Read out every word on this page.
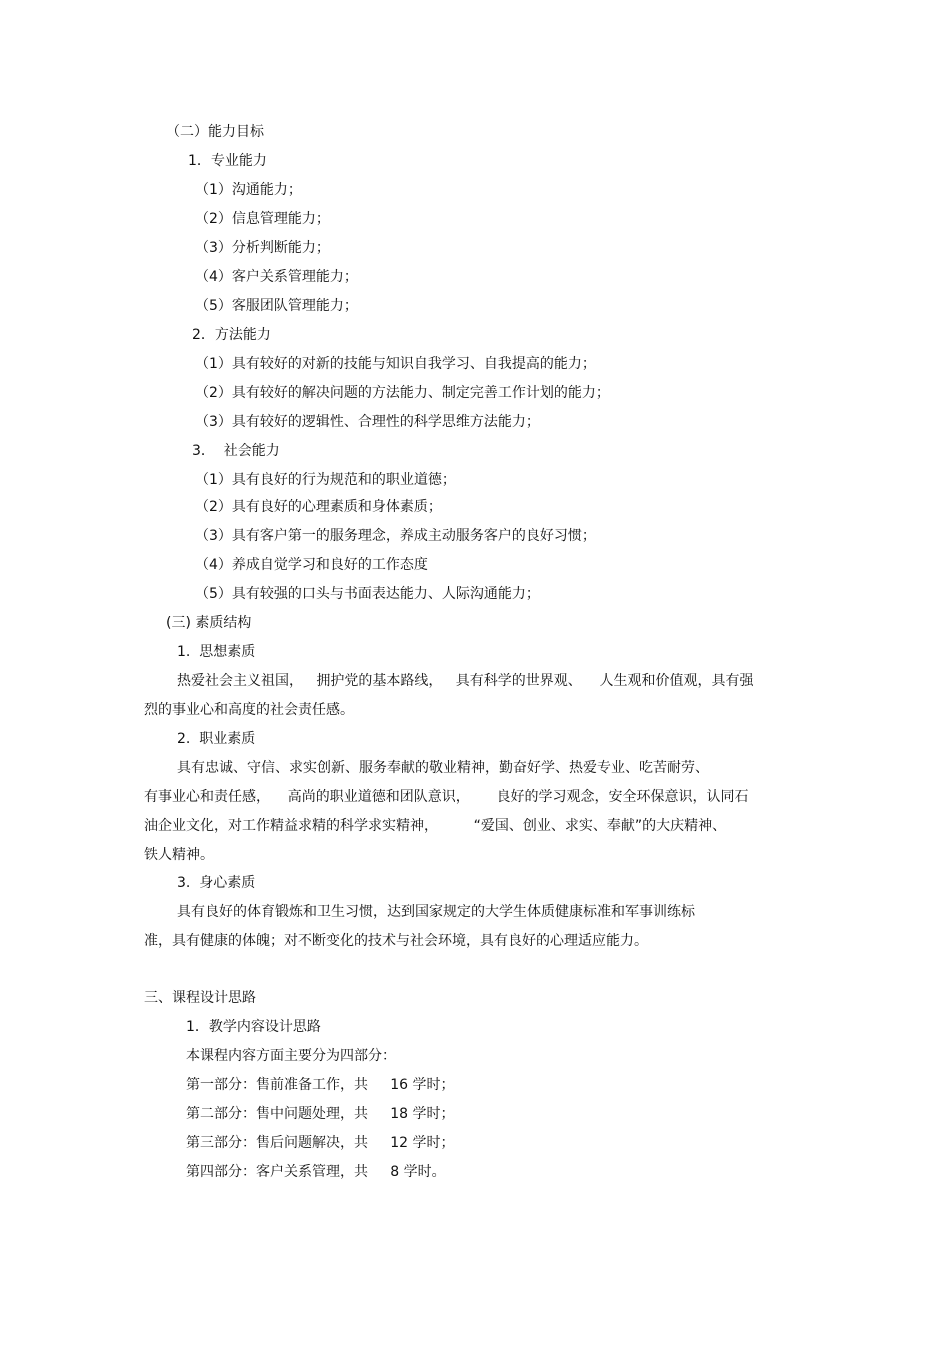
（二）能力目标
1．专业能力
（1）沟通能力；
（2）信息管理能力；
（3）分析判断能力；
（4）客户关系管理能力；
（5）客服团队管理能力；
2．方法能力
（1）具有较好的对新的技能与知识自我学习、自我提高的能力；
（2）具有较好的解决问题的方法能力、制定完善工作计划的能力；
（3）具有较好的逻辑性、合理性的科学思维方法能力；
3．  社会能力
（1）具有良好的行为规范和的职业道德；
（2）具有良好的心理素质和身体素质；
（3）具有客户第一的服务理念，养成主动服务客户的良好习惯；
（4）养成自觉学习和良好的工作态度
（5）具有较强的口头与书面表达能力、人际沟通能力；
(三) 素质结构
1.  思想素质
热爱社会主义祖国，   拥护党的基本路线，   具有科学的世界观、    人生观和价值观，具有强
烈的事业心和高度的社会责任感。
2.  职业素质
具有忠诚、守信、求实创新、服务奉献的敬业精神，勤奋好学、热爱专业、吃苦耐劳、
有事业心和责任感，    高尚的职业道德和团队意识，      良好的学习观念，安全环保意识，认同石
油企业文化，对工作精益求精的科学求实精神，        “爱国、创业、求实、奉献”的大庆精神、
铁人精神。
3.  身心素质
具有良好的体育锻炼和卫生习惯，达到国家规定的大学生体质健康标准和军事训练标
准，具有健康的体魄；对不断变化的技术与社会环境，具有良好的心理适应能力。
三、课程设计思路
1．教学内容设计思路
本课程内容方面主要分为四部分：
第一部分：售前准备工作，共     16 学时；
第二部分：售中问题处理，共     18 学时；
第三部分：售后问题解决，共     12 学时；
第四部分：客户关系管理，共     8 学时。
